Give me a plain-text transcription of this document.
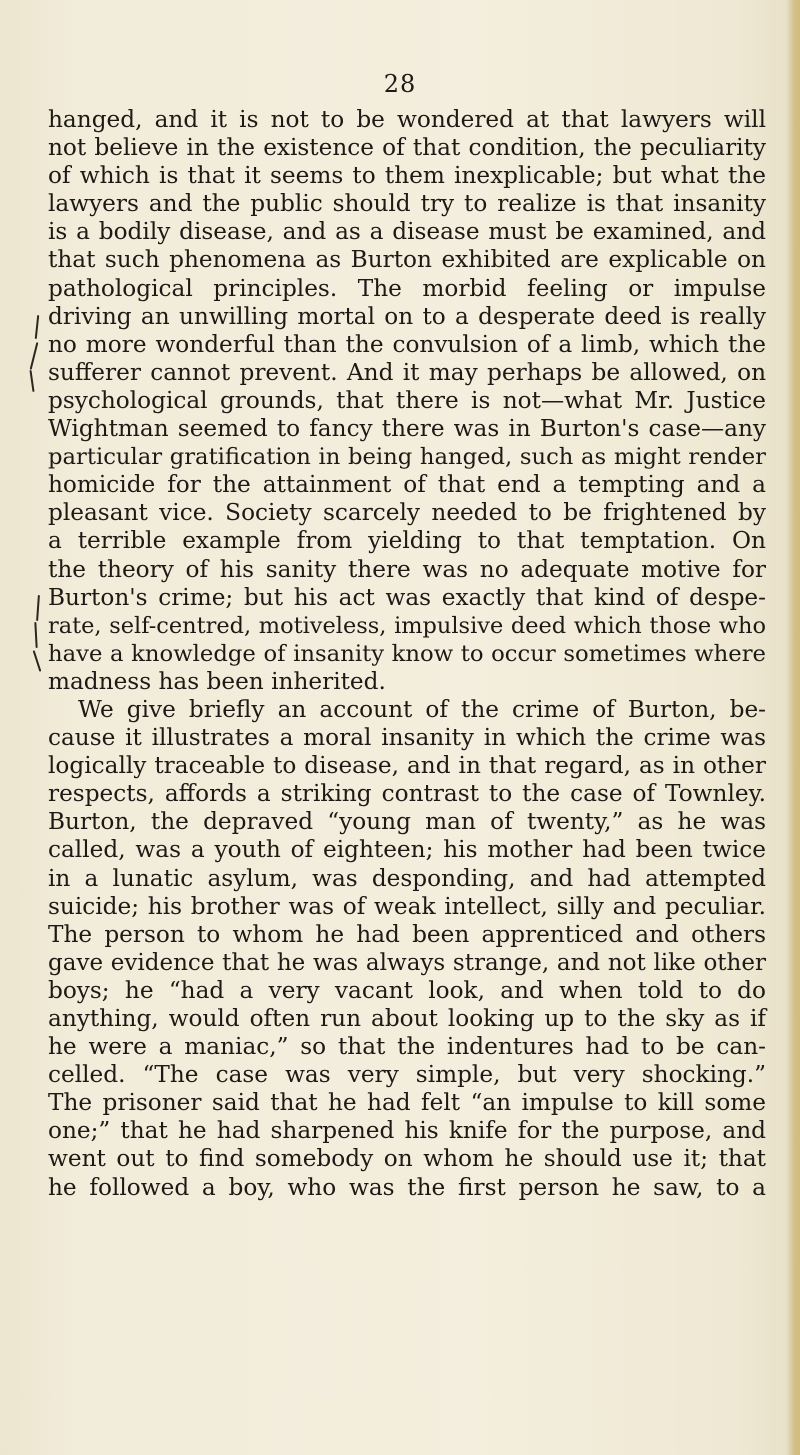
28
hanged, and it is not to be wondered at that lawyers will
not believe in the existence of that condition, the peculiarity
of which is that it seems to them inexplicable; but what the
lawyers and the public should try to realize is that insanity
is a bodily disease, and as a disease must be examined, and
that such phenomena as Burton exhibited are explicable on
pathological principles. The morbid feeling or impulse
driving an unwilling mortal on to a desperate deed is really
no more wonderful than the convulsion of a limb, which the
sufferer cannot prevent. And it may perhaps be allowed, on
psychological grounds, that there is not—what Mr. Justice
Wightman seemed to fancy there was in Burton's case—any
particular gratification in being hanged, such as might render
homicide for the attainment of that end a tempting and a
pleasant vice. Society scarcely needed to be frightened by
a terrible example from yielding to that temptation. On
the theory of his sanity there was no adequate motive for
Burton's crime; but his act was exactly that kind of despe-
rate, self-centred, motiveless, impulsive deed which those who
have a knowledge of insanity know to occur sometimes where
madness has been inherited.
We give briefly an account of the crime of Burton, be-
cause it illustrates a moral insanity in which the crime was
logically traceable to disease, and in that regard, as in other
respects, affords a striking contrast to the case of Townley.
Burton, the depraved “young man of twenty,” as he was
called, was a youth of eighteen; his mother had been twice
in a lunatic asylum, was desponding, and had attempted
suicide; his brother was of weak intellect, silly and peculiar.
The person to whom he had been apprenticed and others
gave evidence that he was always strange, and not like other
boys; he “had a very vacant look, and when told to do
anything, would often run about looking up to the sky as if
he were a maniac,” so that the indentures had to be can-
celled. “The case was very simple, but very shocking.”
The prisoner said that he had felt “an impulse to kill some
one;” that he had sharpened his knife for the purpose, and
went out to find somebody on whom he should use it; that
he followed a boy, who was the first person he saw, to a
